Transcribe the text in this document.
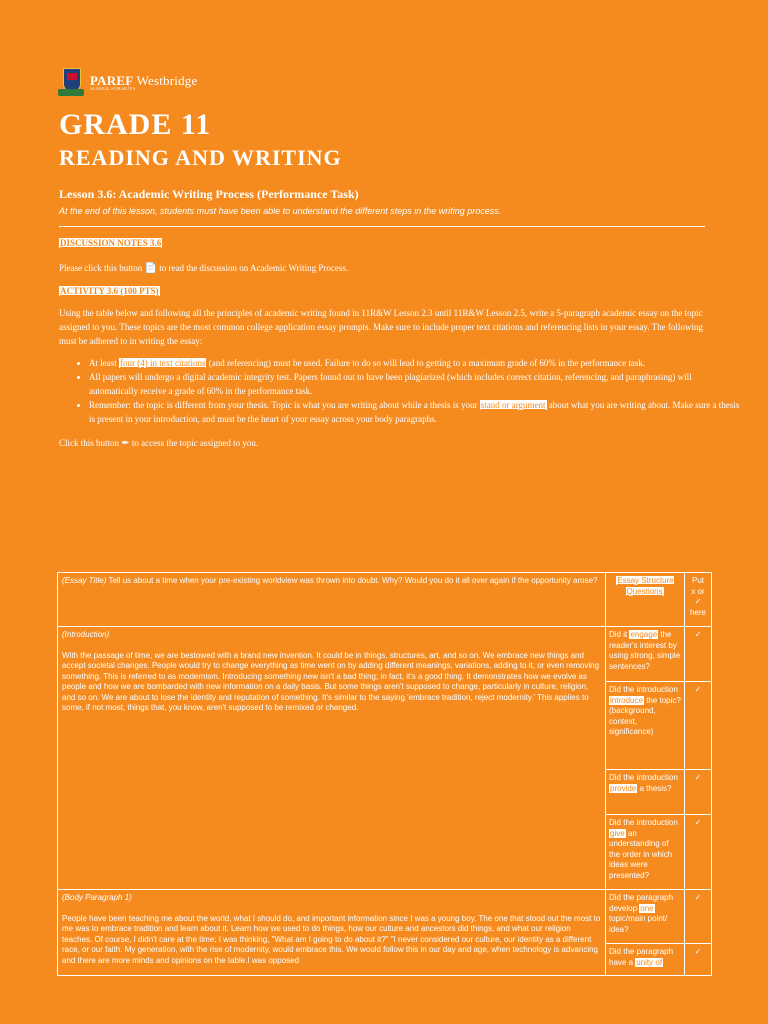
PAREF Westbridge
SCHOOL FOR BOYS
GRADE 11
READING AND WRITING
Lesson 3.6: Academic Writing Process (Performance Task)
At the end of this lesson, students must have been able to understand the different steps in the writing process.
DISCUSSION NOTES 3.6
Please click this button 📄 to read the discussion on Academic Writing Process.
ACTIVITY 3.6 (100 PTS)
Using the table below and following all the principles of academic writing found in 11R&W Lesson 2.3 until 11R&W Lesson 2.5, write a 5-paragraph academic essay on the topic assigned to you. These topics are the most common college application essay prompts. Make sure to include proper text citations and referencing lists in your essay. The following must be adhered to in writing the essay:
• At least four (4) in text citations (and referencing) must be used. Failure to do so will lead to getting to a maximum grade of 60% in the performance task.
• All papers will undergo a digital academic integrity test. Papers found out to have been plagiarized (which includes correct citation, referencing, and paraphrasing) will automatically receive a grade of 60% in the performance task.
• Remember: the topic is different from your thesis. Topic is what you are writing about while a thesis is your stand or argument about what you are writing about. Make sure a thesis is present in your introduction, and must be the heart of your essay across your body paragraphs.
Click this button ✒ to access the topic assigned to you.
(Essay Title) Tell us about a time when your pre-existing worldview was thrown into doubt. Why? Would you do it all over again if the opportunity arose?	Essay Structure Questions	Put x or ✓ here

(Introduction)
With the passage of time, we are bestowed with a brand new invention. It could be in things, structures, art, and so on. We embrace new things and accept societal changes. People would try to change everything as time went on by adding different meanings, variations, adding to it, or even removing something. This is referred to as modernism. Introducing something new isn't a bad thing; in fact, it's a good thing. It demonstrates how we evolve as people and how we are bombarded with new information on a daily basis. But some things aren't supposed to change, particularly in culture, religion, and so on. We are about to lose the identity and reputation of something. It's similar to the saying 'embrace tradition, reject modernity.' This applies to some, if not most, things that, you know, aren't supposed to be remixed or changed.	Did it engage the reader's interest by using strong, simple sentences?	✓
	Did the introduction introduce the topic? (background, context, significance)	✓
	Did the introduction provide a thesis?	✓
	Did the introduction give an understanding of the order in which ideas were presented?	✓

(Body Paragraph 1)
People have been teaching me about the world, what I should do, and important information since I was a young boy. The one that stood out the most to me was to embrace tradition and learn about it. Learn how we used to do things, how our culture and ancestors did things, and what our religion teaches. Of course, I didn't care at the time; I was thinking, "What am I going to do about it?" "I never considered our culture, our identity as a different race, or our faith. My generation, with the rise of modernity, would embrace this. We would follow this in our day and age, when technology is advancing and there are more minds and opinions on the table.I was opposed	Did the paragraph develop one topic/main point/ idea?	✓
	Did the paragraph have a unity of	✓
